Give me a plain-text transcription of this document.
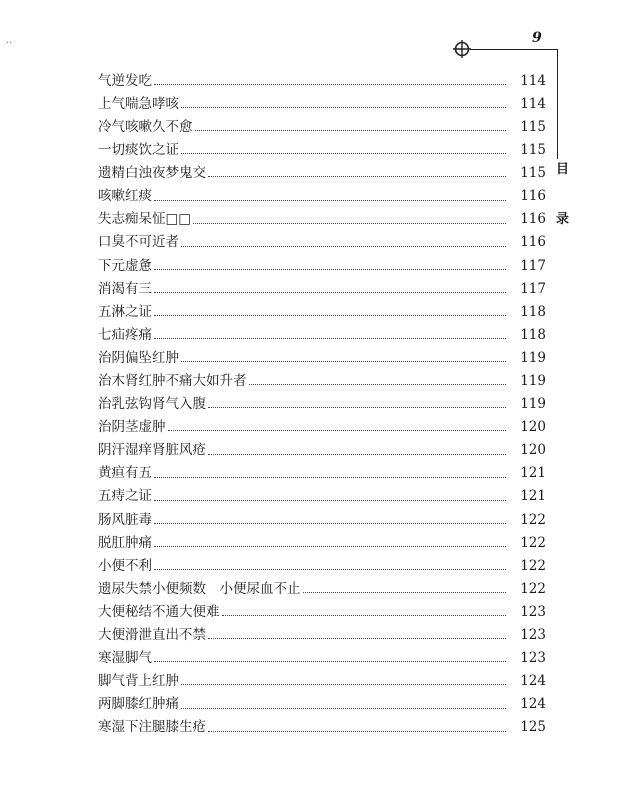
··	9
目
录
气逆发吃	114
上气喘急哮咳	114
冷气咳嗽久不愈	115
一切痰饮之证	115
遗精白浊夜梦鬼交	115
咳嗽红痰	116
失志痴呆怔□□	116
口臭不可近者	116
下元虚惫	117
消渴有三	117
五淋之证	118
七疝疼痛	118
治阴偏坠红肿	119
治木肾红肿不痛大如升者	119
治乳弦钩肾气入腹	119
治阴茎虚肿	120
阴汗湿痒肾脏风疮	120
黄疸有五	121
五痔之证	121
肠风脏毒	122
脱肛肿痛	122
小便不利	122
遗尿失禁小便频数　小便尿血不止	122
大便秘结不通大便难	123
大便滑泄直出不禁	123
寒湿脚气	123
脚气背上红肿	124
两脚膝红肿痛	124
寒湿下注腿膝生疮	125
